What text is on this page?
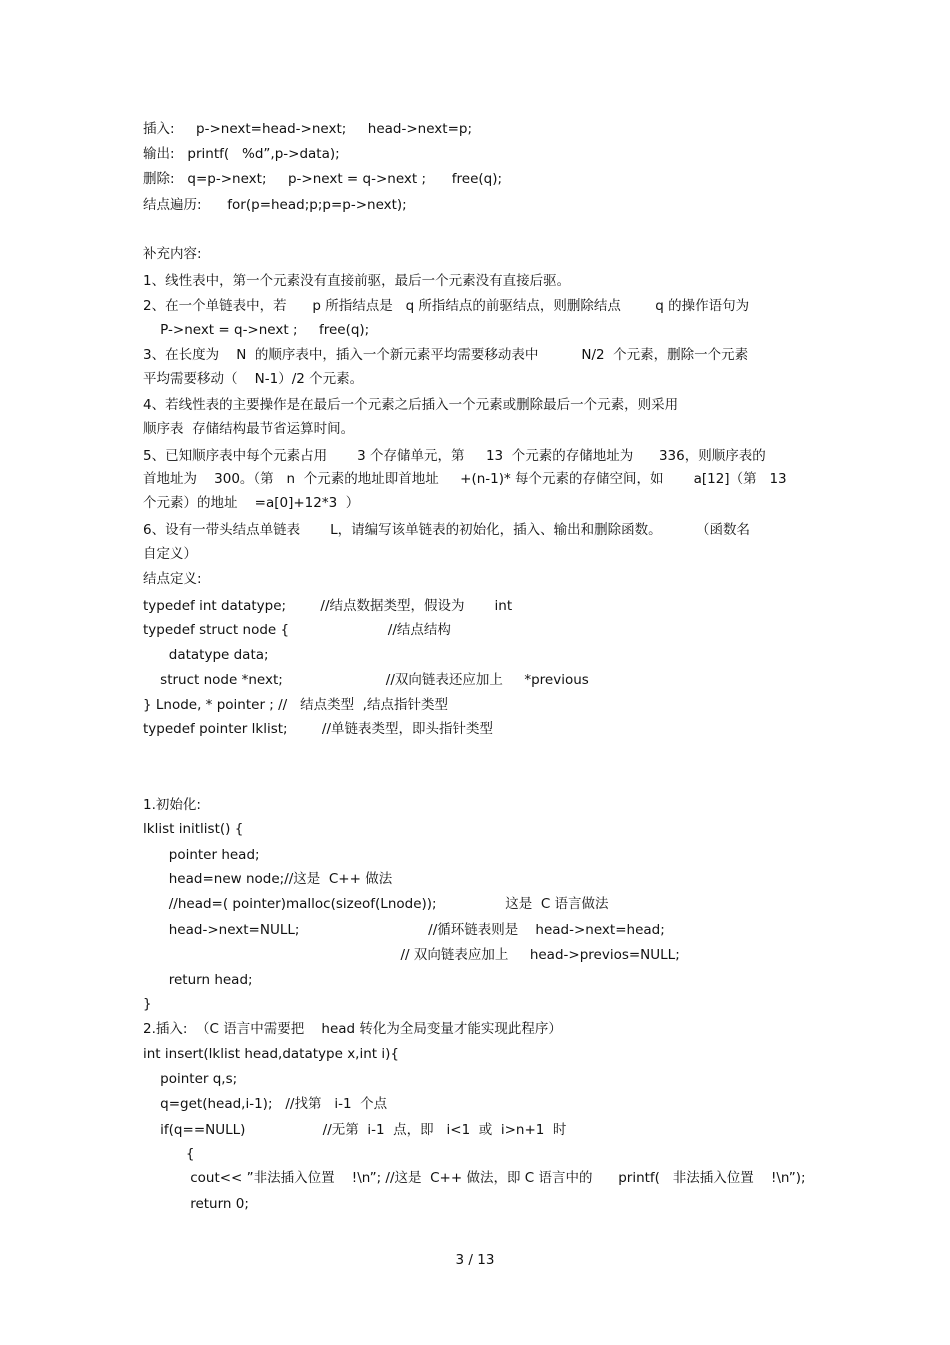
插入:     p->next=head->next;     head->next=p;
输出:   printf(   %d”,p->data);
删除:   q=p->next;     p->next = q->next ;      free(q);
结点遍历:      for(p=head;p;p=p->next);
补充内容:
1、线性表中，第一个元素没有直接前驱，最后一个元素没有直接后驱。
2、在一个单链表中，若      p 所指结点是   q 所指结点的前驱结点，则删除结点        q 的操作语句为
P->next = q->next ;     free(q);
3、在长度为    N  的顺序表中，插入一个新元素平均需要移动表中          N/2  个元素，删除一个元素
平均需要移动（    N-1）/2 个元素。
4、若线性表的主要操作是在最后一个元素之后插入一个元素或删除最后一个元素，则采用
顺序表  存储结构最节省运算时间。
5、已知顺序表中每个元素占用       3 个存储单元，第     13  个元素的存储地址为      336，则顺序表的
首地址为    300。（第   n  个元素的地址即首地址     +(n-1)* 每个元素的存储空间，如       a[12]（第   13
个元素）的地址    =a[0]+12*3  ）
6、设有一带头结点单链表       L，请编写该单链表的初始化，插入、输出和删除函数。        （函数名
自定义）
结点定义:
typedef int datatype;        //结点数据类型，假设为       int
typedef struct node {                       //结点结构
datatype data;
struct node *next;                        //双向链表还应加上     *previous
} Lnode, * pointer ; //   结点类型  ,结点指针类型
typedef pointer lklist;        //单链表类型，即头指针类型
1.初始化:
lklist initlist() {
pointer head;
head=new node;//这是  C++ 做法
//head=( pointer)malloc(sizeof(Lnode));                这是  C 语言做法
head->next=NULL;                              //循环链表则是    head->next=head;
// 双向链表应加上     head->previos=NULL;
return head;
}
2.插入:  （C 语言中需要把    head 转化为全局变量才能实现此程序）
int insert(lklist head,datatype x,int i){
pointer q,s;
q=get(head,i-1);   //找第   i-1  个点
if(q==NULL)                  //无第  i-1  点，即   i<1  或  i>n+1  时
{
cout<< ”非法插入位置    !\n”; //这是  C++ 做法，即 C 语言中的      printf(   非法插入位置    !\n”);
return 0;
3 / 13
